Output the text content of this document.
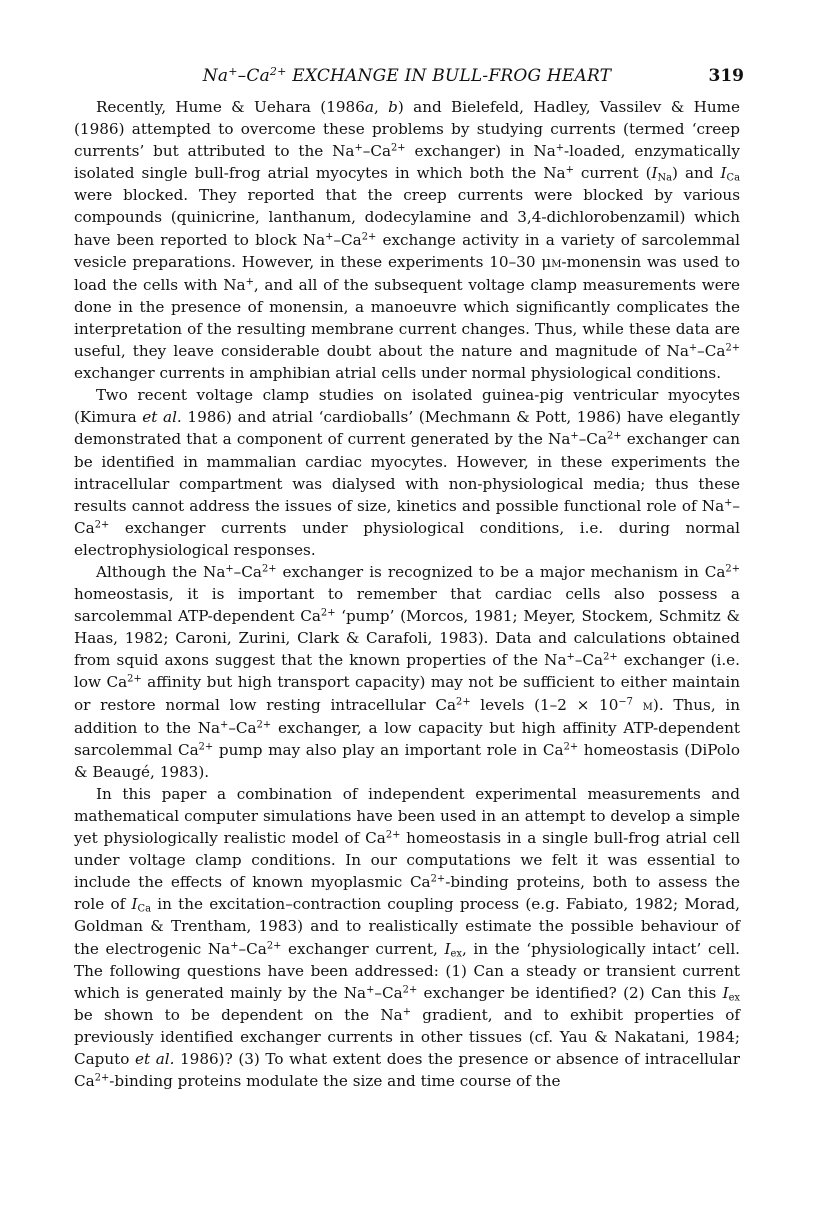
$Na^+-Ca^{2+}$ EXCHANGE IN BULL-FROG HEART	319

Recently, Hume & Uehara (1986a, b) and Bielefeld, Hadley, Vassilev & Hume (1986) attempted to overcome these problems by studying currents (termed ‘creep currents’ but attributed to the $Na^+-Ca^{2+}$ exchanger) in Na+-loaded, enzymatically isolated single bull-frog atrial myocytes in which both the Na+ current $(I_{Na})$ and $I_{Ca}$ were blocked. They reported that the creep currents were blocked by various compounds (quinicrine, lanthanum, dodecylamine and 3,4-dichlorobenzamil) which have been reported to block $Na^+-Ca^{2+}$ exchange activity in a variety of sarcolemmal vesicle preparations. However, in these experiments 10–30 μm-monensin was used to load the cells with Na+, and all of the subsequent voltage clamp measurements were done in the presence of monensin, a manoeuvre which significantly complicates the interpretation of the resulting membrane current changes. Thus, while these data are useful, they leave considerable doubt about the nature and magnitude of $Na^+-Ca^{2+}$ exchanger currents in amphibian atrial cells under normal physiological conditions.

Two recent voltage clamp studies on isolated guinea-pig ventricular myocytes (Kimura et al. 1986) and atrial ‘cardioballs’ (Mechmann & Pott, 1986) have elegantly demonstrated that a component of current generated by the $Na^+-Ca^{2+}$ exchanger can be identified in mammalian cardiac myocytes. However, in these experiments the intracellular compartment was dialysed with non-physiological media; thus these results cannot address the issues of size, kinetics and possible functional role of $Na^+-Ca^{2+}$ exchanger currents under physiological conditions, i.e. during normal electrophysiological responses.

Although the $Na^+-Ca^{2+}$ exchanger is recognized to be a major mechanism in $Ca^{2+}$ homeostasis, it is important to remember that cardiac cells also possess a sarcolemmal ATP-dependent $Ca^{2+}$ ‘pump’ (Morcos, 1981; Meyer, Stockem, Schmitz & Haas, 1982; Caroni, Zurini, Clark & Carafoli, 1983). Data and calculations obtained from squid axons suggest that the known properties of the $Na^+-Ca^{2+}$ exchanger (i.e. low $Ca^{2+}$ affinity but high transport capacity) may not be sufficient to either maintain or restore normal low resting intracellular $Ca^{2+}$ levels ($1-2 \times 10^{-7}$ m). Thus, in addition to the $Na^+-Ca^{2+}$ exchanger, a low capacity but high affinity ATP-dependent sarcolemmal $Ca^{2+}$ pump may also play an important role in $Ca^{2+}$ homeostasis (DiPolo & Beaugé, 1983).

In this paper a combination of independent experimental measurements and mathematical computer simulations have been used in an attempt to develop a simple yet physiologically realistic model of $Ca^{2+}$ homeostasis in a single bull-frog atrial cell under voltage clamp conditions. In our computations we felt it was essential to include the effects of known myoplasmic $Ca^{2+}$-binding proteins, both to assess the role of $I_{Ca}$ in the excitation–contraction coupling process (e.g. Fabiato, 1982; Morad, Goldman & Trentham, 1983) and to realistically estimate the possible behaviour of the electrogenic $Na^+-Ca^{2+}$ exchanger current, $I_{ex}$, in the ‘physiologically intact’ cell. The following questions have been addressed: (1) Can a steady or transient current which is generated mainly by the $Na^+-Ca^{2+}$ exchanger be identified? (2) Can this $I_{ex}$ be shown to be dependent on the Na+ gradient, and to exhibit properties of previously identified exchanger currents in other tissues (cf. Yau & Nakatani, 1984; Caputo et al. 1986)? (3) To what extent does the presence or absence of intracellular $Ca^{2+}$-binding proteins modulate the size and time course of the
